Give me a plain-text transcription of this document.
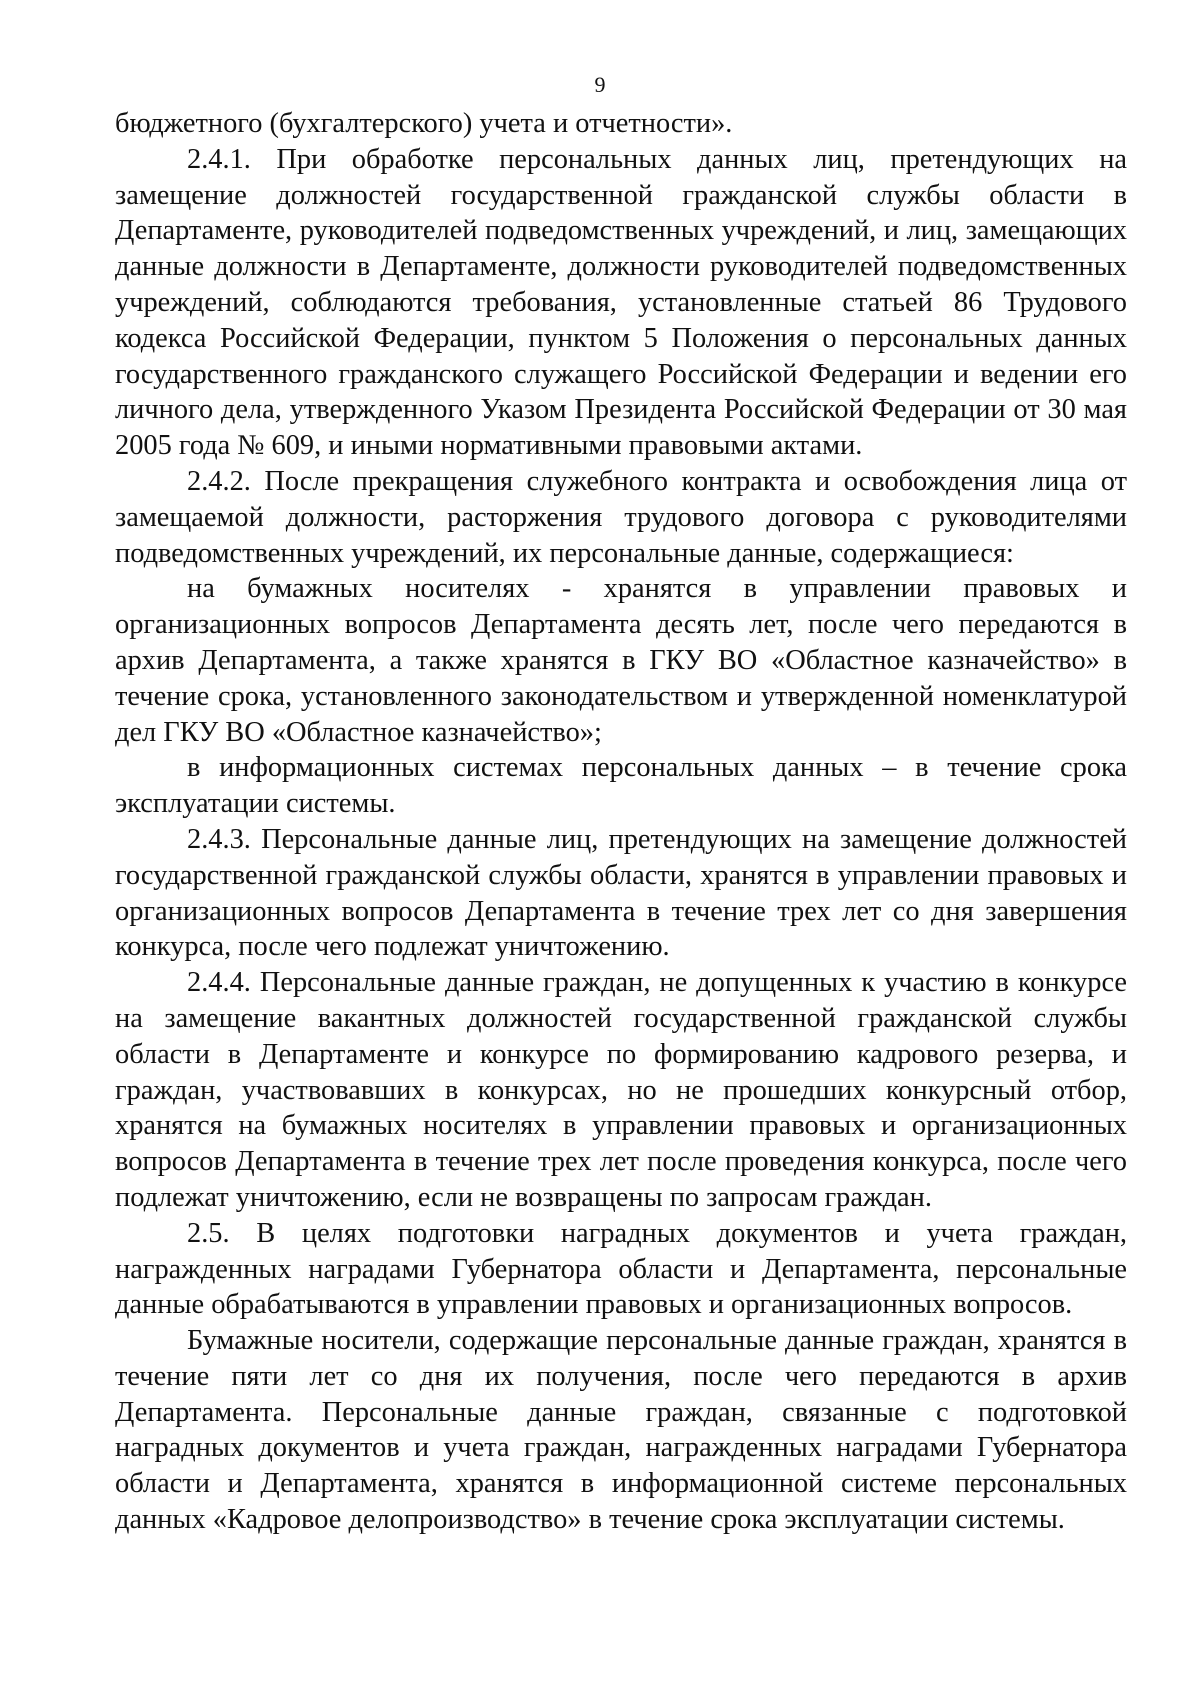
9

бюджетного (бухгалтерского) учета и отчетности».

2.4.1. При обработке персональных данных лиц, претендующих на замещение должностей государственной гражданской службы области в Департаменте, руководителей подведомственных учреждений, и лиц, замещающих данные должности в Департаменте, должности руководителей подведомственных учреждений, соблюдаются требования, установленные статьей 86 Трудового кодекса Российской Федерации, пунктом 5 Положения о персональных данных государственного гражданского служащего Российской Федерации и ведении его личного дела, утвержденного Указом Президента Российской Федерации от 30 мая 2005 года № 609, и иными нормативными правовыми актами.

2.4.2. После прекращения служебного контракта и освобождения лица от замещаемой должности, расторжения трудового договора с руководителями подведомственных учреждений, их персональные данные, содержащиеся:

на бумажных носителях - хранятся в управлении правовых и организационных вопросов Департамента десять лет, после чего передаются в архив Департамента, а также хранятся в ГКУ ВО «Областное казначейство» в течение срока, установленного законодательством и утвержденной номенклатурой дел ГКУ ВО «Областное казначейство»;

в информационных системах персональных данных – в течение срока эксплуатации системы.

2.4.3. Персональные данные лиц, претендующих на замещение должностей государственной гражданской службы области, хранятся в управлении правовых и организационных вопросов Департамента в течение трех лет со дня завершения конкурса, после чего подлежат уничтожению.

2.4.4. Персональные данные граждан, не допущенных к участию в конкурсе на замещение вакантных должностей государственной гражданской службы области в Департаменте и конкурсе по формированию кадрового резерва, и граждан, участвовавших в конкурсах, но не прошедших конкурсный отбор, хранятся на бумажных носителях в управлении правовых и организационных вопросов Департамента в течение трех лет после проведения конкурса, после чего подлежат уничтожению, если не возвращены по запросам граждан.

2.5. В целях подготовки наградных документов и учета граждан, награжденных наградами Губернатора области и Департамента, персональные данные обрабатываются в управлении правовых и организационных вопросов.

Бумажные носители, содержащие персональные данные граждан, хранятся в течение пяти лет со дня их получения, после чего передаются в архив Департамента. Персональные данные граждан, связанные с подготовкой наградных документов и учета граждан, награжденных наградами Губернатора области и Департамента, хранятся в информационной системе персональных данных «Кадровое делопроизводство» в течение срока эксплуатации системы.
